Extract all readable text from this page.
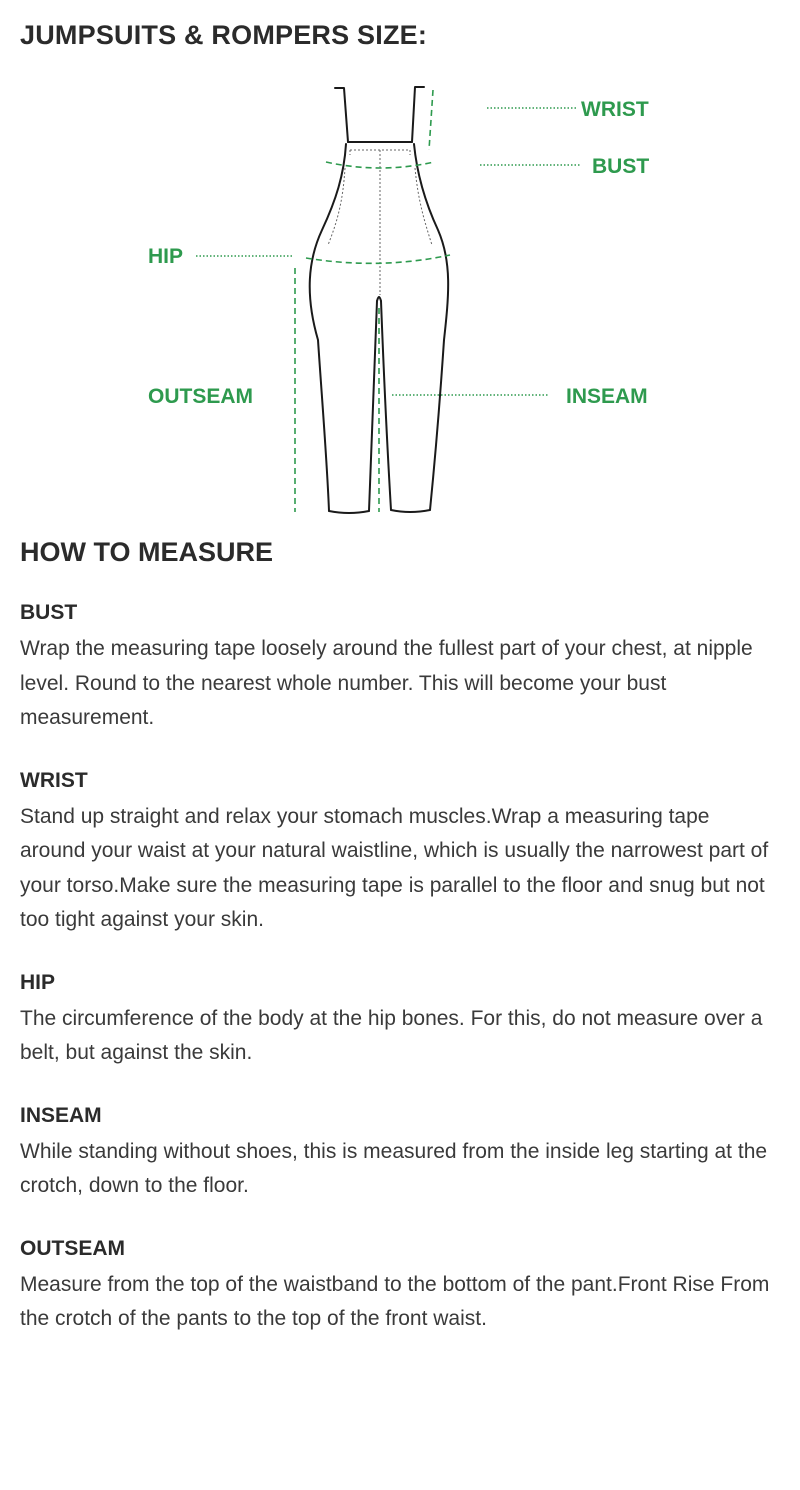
JUMPSUITS & ROMPERS SIZE:
WRIST
BUST
HIP
OUTSEAM	INSEAM
HOW TO MEASURE
BUST

Wrap the measuring tape loosely around the fullest part of your chest, at nipple level. Round to the nearest whole number. This will become your bust measurement.

WRIST

Stand up straight and relax your stomach muscles.Wrap a measuring tape around your waist at your natural waistline, which is usually the narrowest part of your torso.Make sure the measuring tape is parallel to the floor and snug but not too tight against your skin.

HIP

The circumference of the body at the hip bones. For this, do not measure over a belt, but against the skin.

INSEAM

While standing without shoes, this is measured from the inside leg starting at the crotch, down to the floor.

OUTSEAM

Measure from the top of the waistband to the bottom of the pant.Front Rise From the crotch of the pants to the top of the front waist.
